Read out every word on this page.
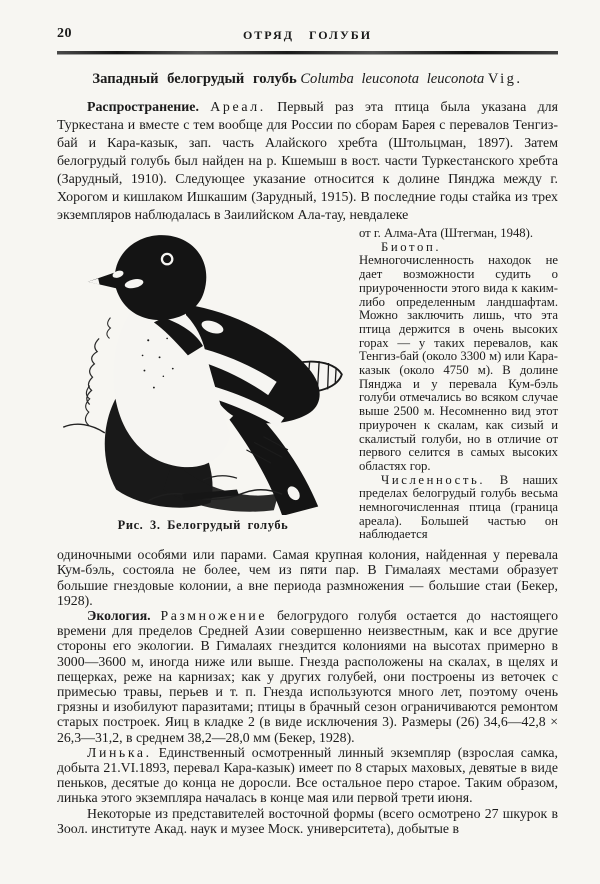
20	ОТРЯД ГОЛУБИ
Западный белогрудый голубь Columba leuconota leuconota Vig.

Распространение. Ареал. Первый раз эта птица была указана для Туркестана и вместе с тем вообще для России по сборам Барея с перевалов Тенгиз-бай и Кара-казык, зап. часть Алайского хребта (Штольцман, 1897). Затем белогрудый голубь был найден на р. Кшемыш в вост. части Туркестанского хребта (Зарудный, 1910). Следующее указание относится к долине Пянджа между г. Хорогом и кишлаком Ишкашим (Зарудный, 1915). В последние годы стайка из трех экземпляров наблюдалась в Заилийском Ала-тау, невдалеке

Рис. 3. Белогрудый голубь

от г. Алма-Ата (Штегман, 1948).

Биотоп. Немногочисленность находок не дает возможности судить о приуроченности этого вида к каким-либо определенным ландшафтам. Можно заключить лишь, что эта птица держится в очень высоких горах — у таких перевалов, как Тенгиз-бай (около 3300 м) или Кара-казык (около 4750 м). В долине Пянджа и у перевала Кум-бэль голуби отмечались во всяком случае выше 2500 м. Несомненно вид этот приурочен к скалам, как сизый и скалистый голуби, но в отличие от первого селится в самых высоких областях гор.

Численность. В наших пределах белогрудый голубь весьма немногочисленная птица (граница ареала). Большей частью он наблюдается

одиночными особями или парами. Самая крупная колония, найденная у перевала Кум-бэль, состояла не более, чем из пяти пар. В Гималаях местами образует большие гнездовые колонии, а вне периода размножения — большие стаи (Бекер, 1928).

Экология. Размножение белогрудого голубя остается до настоящего времени для пределов Средней Азии совершенно неизвестным, как и все другие стороны его экологии. В Гималаях гнездится колониями на высотах примерно в 3000—3600 м, иногда ниже или выше. Гнезда расположены на скалах, в щелях и пещерках, реже на карнизах; как у других голубей, они построены из веточек с примесью травы, перьев и т. п. Гнезда используются много лет, поэтому очень грязны и изобилуют паразитами; птицы в брачный сезон ограничиваются ремонтом старых построек. Яиц в кладке 2 (в виде исключения 3). Размеры (26) 34,6—42,8 × 26,3—31,2, в среднем 38,2—28,0 мм (Бекер, 1928).

Линька. Единственный осмотренный линный экземпляр (взрослая самка, добыта 21.VI.1893, перевал Кара-казык) имеет по 8 старых маховых, девятые в виде пеньков, десятые до конца не доросли. Все остальное перо старое. Таким образом, линька этого экземпляра началась в конце мая или первой трети июня.

Некоторые из представителей восточной формы (всего осмотрено 27 шкурок в Зоол. институте Акад. наук и музее Моск. университета), добытые в
